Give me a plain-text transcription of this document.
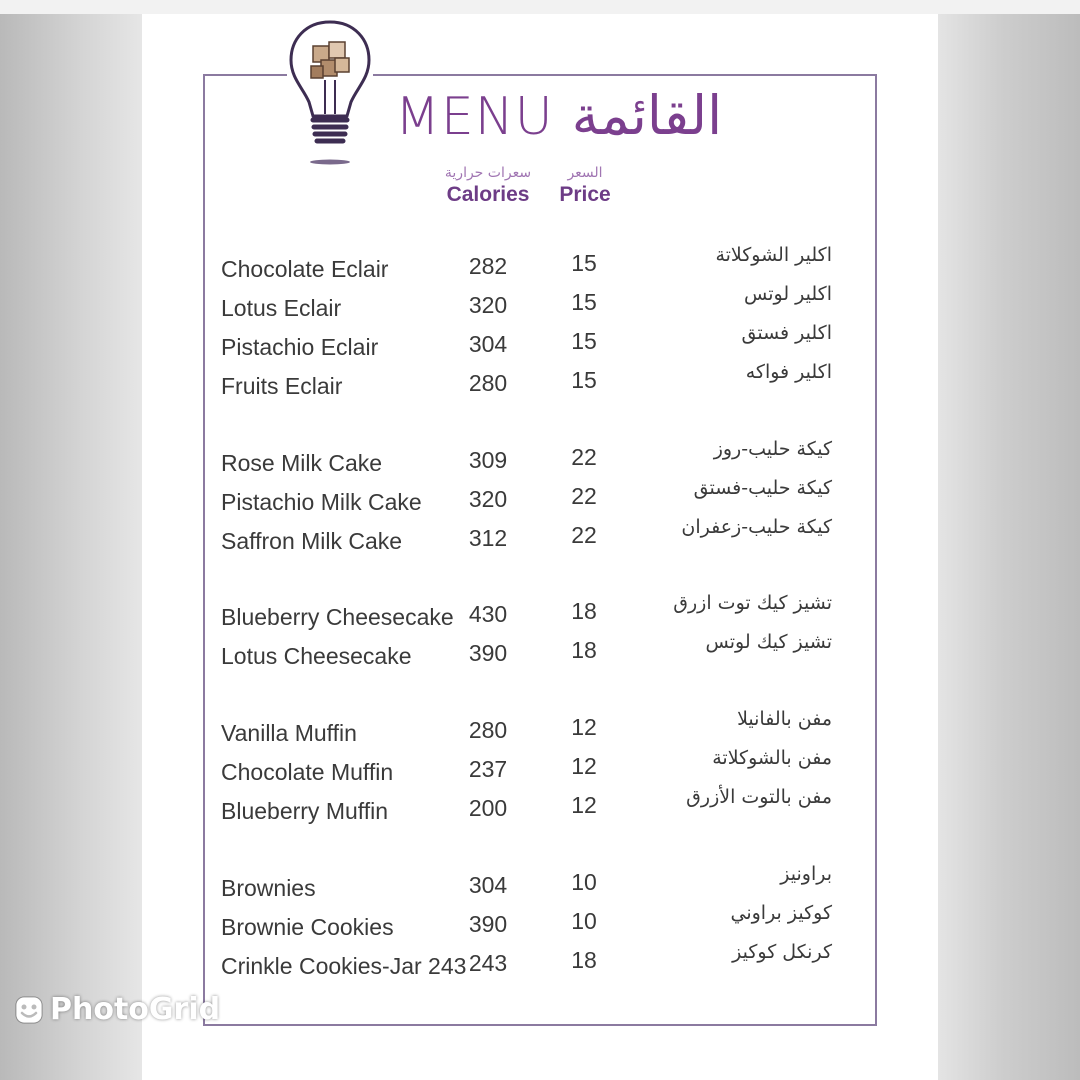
MENU القائمة
سعرات حرارية
Calories
السعر
Price
Chocolate Eclair	282	15	اكلير الشوكلاتة
Lotus Eclair	320	15	اكلير لوتس
Pistachio Eclair	304	15	اكلير فستق
Fruits Eclair	280	15	اكلير فواكه
Rose Milk Cake	309	22	كيكة حليب-روز
Pistachio Milk Cake	320	22	كيكة حليب-فستق
Saffron Milk Cake	312	22	كيكة حليب-زعفران
Blueberry Cheesecake 430	18	تشيز كيك توت ازرق
Lotus Cheesecake	390	18	تشيز كيك لوتس
Vanilla Muffin	280	12	مفن بالفانيلا
Chocolate Muffin	237	12	مفن بالشوكلاتة
Blueberry Muffin	200	12	مفن بالتوت الأزرق
Brownies	304	10	براونيز
Brownie Cookies	390	10	كوكيز براوني
Crinkle Cookies-Jar 243 243	18	كرنكل كوكيز
PhotoGrid
